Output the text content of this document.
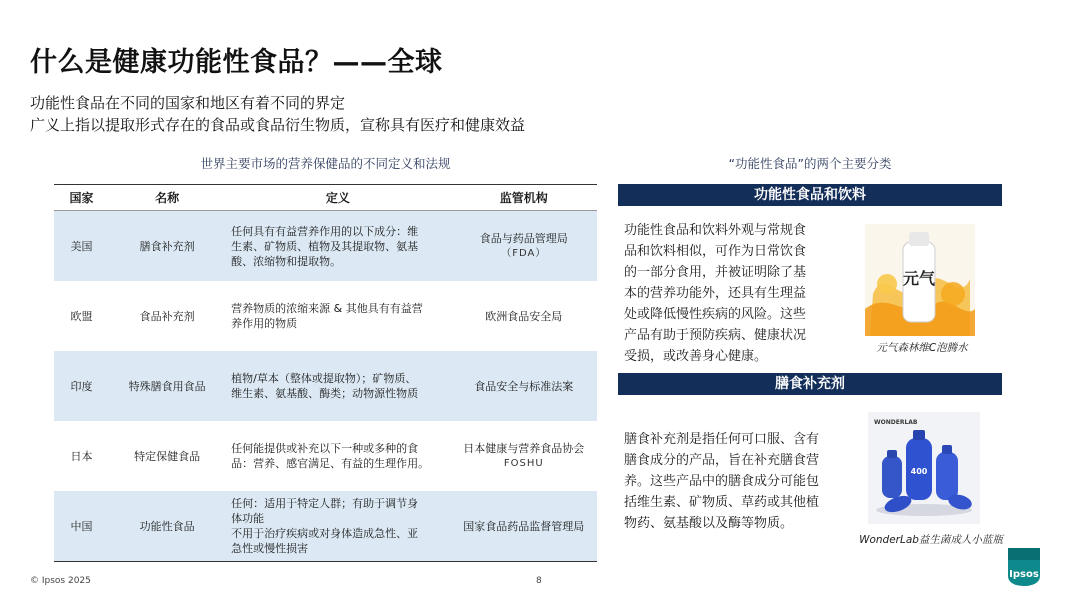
什么是健康功能性食品？——全球
功能性食品在不同的国家和地区有着不同的界定
广义上指以提取形式存在的食品或食品衍生物质，宣称具有医疗和健康效益
世界主要市场的营养保健品的不同定义和法规
国家	名称	定义	监管机构
美国	膳食补充剂	任何具有有益营养作用的以下成分：维
生素、矿物质、植物及其提取物、氨基
酸、浓缩物和提取物。	食品与药品管理局
（FDA）

欧盟	食品补充剂	营养物质的浓缩来源 & 其他具有有益营
养作用的物质	欧洲食品安全局
印度	特殊膳食用食品	植物/草本（整体或提取物）；矿物质、
维生素、氨基酸、酶类；动物源性物质	食品安全与标准法案
日本	特定保健食品	任何能提供或补充以下一种或多种的食
品：营养、感官满足、有益的生理作用。	日本健康与营养食品协会
FOSHU

中国	功能性食品	任何：适用于特定人群；有助于调节身
体功能
不用于治疗疾病或对身体造成急性、亚
急性或慢性损害	国家食品药品监督管理局
“功能性食品”的两个主要分类
功能性食品和饮料
功能性食品和饮料外观与常规食
品和饮料相似，可作为日常饮食
的一部分食用，并被证明除了基
本的营养功能外，还具有生理益
处或降低慢性疾病的风险。这些
产品有助于预防疾病、健康状况
受损，或改善身心健康。
元气
元气森林维C泡腾水
膳食补充剂
膳食补充剂是指任何可口服、含有
膳食成分的产品，旨在补充膳食营
养。这些产品中的膳食成分可能包
括维生素、矿物质、草药或其他植
物药、氨基酸以及酶等物质。
WONDERLAB
400
WonderLab益生菌成人小蓝瓶
© Ipsos 2025	8
Ipsos
